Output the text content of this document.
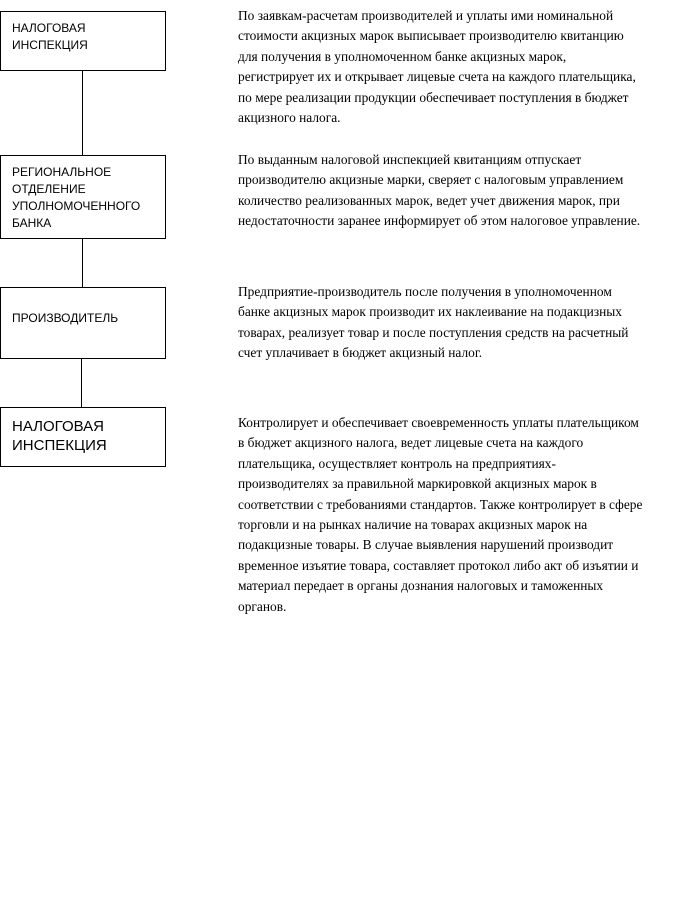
НАЛОГОВАЯ ИНСПЕКЦИЯ
РЕГИОНАЛЬНОЕ ОТДЕЛЕНИЕ УПОЛНОМОЧЕННОГО БАНКА
ПРОИЗВОДИТЕЛЬ
НАЛОГОВАЯ ИНСПЕКЦИЯ

По заявкам-расчетам производителей и уплаты ими номинальной стоимости акцизных марок выписывает производителю квитанцию для получения в уполномоченном банке акцизных марок, регистрирует их и открывает лицевые счета на каждого плательщика, по мере реализации продукции обеспечивает поступления в бюджет акцизного налога.

По выданным налоговой инспекцией квитанциям отпускает производителю акцизные марки, сверяет с налоговым управлением количество реализованных марок, ведет учет движения марок, при недостаточности заранее информирует об этом налоговое управление.

Предприятие-производитель после получения в уполномоченном банке акцизных марок производит их наклеивание на подакцизных товарах, реализует товар и после поступления средств на расчетный счет уплачивает в бюджет акцизный налог.

Контролирует и обеспечивает своевременность уплаты плательщиком в бюджет акцизного налога, ведет лицевые счета на каждого плательщика, осуществляет контроль на предприятиях-производителях за правильной маркировкой акцизных марок в соответствии с требованиями стандартов. Также контролирует в сфере торговли и на рынках наличие на товарах акцизных марок на подакцизные товары. В случае выявления нарушений производит временное изъятие товара, составляет протокол либо акт об изъятии и материал передает в органы дознания налоговых и таможенных органов.
